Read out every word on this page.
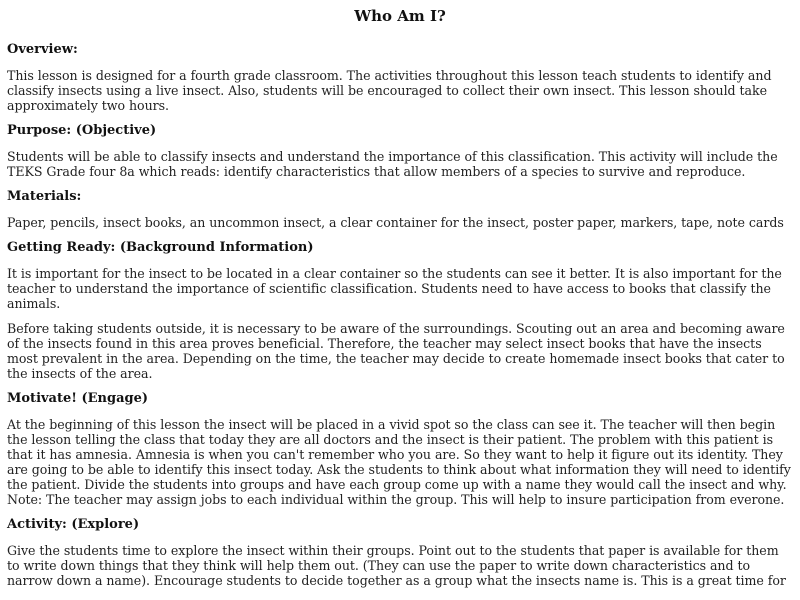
Who Am I?
Overview:

This lesson is designed for a fourth grade classroom. The activities throughout this lesson teach students to identify and classify insects using a live insect. Also, students will be encouraged to collect their own insect. This lesson should take approximately two hours.

Purpose: (Objective)

Students will be able to classify insects and understand the importance of this classification. This activity will include the TEKS Grade four 8a which reads: identify characteristics that allow members of a species to survive and reproduce.

Materials:

Paper, pencils, insect books, an uncommon insect, a clear container for the insect, poster paper, markers, tape, note cards

Getting Ready: (Background Information)

It is important for the insect to be located in a clear container so the students can see it better. It is also important for the teacher to understand the importance of scientific classification. Students need to have access to books that classify the animals.

Before taking students outside, it is necessary to be aware of the surroundings. Scouting out an area and becoming aware of the insects found in this area proves beneficial. Therefore, the teacher may select insect books that have the insects most prevalent in the area. Depending on the time, the teacher may decide to create homemade insect books that cater to the insects of the area.

Motivate! (Engage)

At the beginning of this lesson the insect will be placed in a vivid spot so the class can see it. The teacher will then begin the lesson telling the class that today they are all doctors and the insect is their patient. The problem with this patient is that it has amnesia. Amnesia is when you can't remember who you are. So they want to help it figure out its identity. They are going to be able to identify this insect today. Ask the students to think about what information they will need to identify the patient. Divide the students into groups and have each group come up with a name they would call the insect and why. Note: The teacher may assign jobs to each individual within the group. This will help to insure participation from everone.

Activity: (Explore)

Give the students time to explore the insect within their groups. Point out to the students that paper is available for them to write down things that they think will help them out. (They can use the paper to write down characteristics and to narrow down a name). Encourage students to decide together as a group what the insects name is. This is a great time for
